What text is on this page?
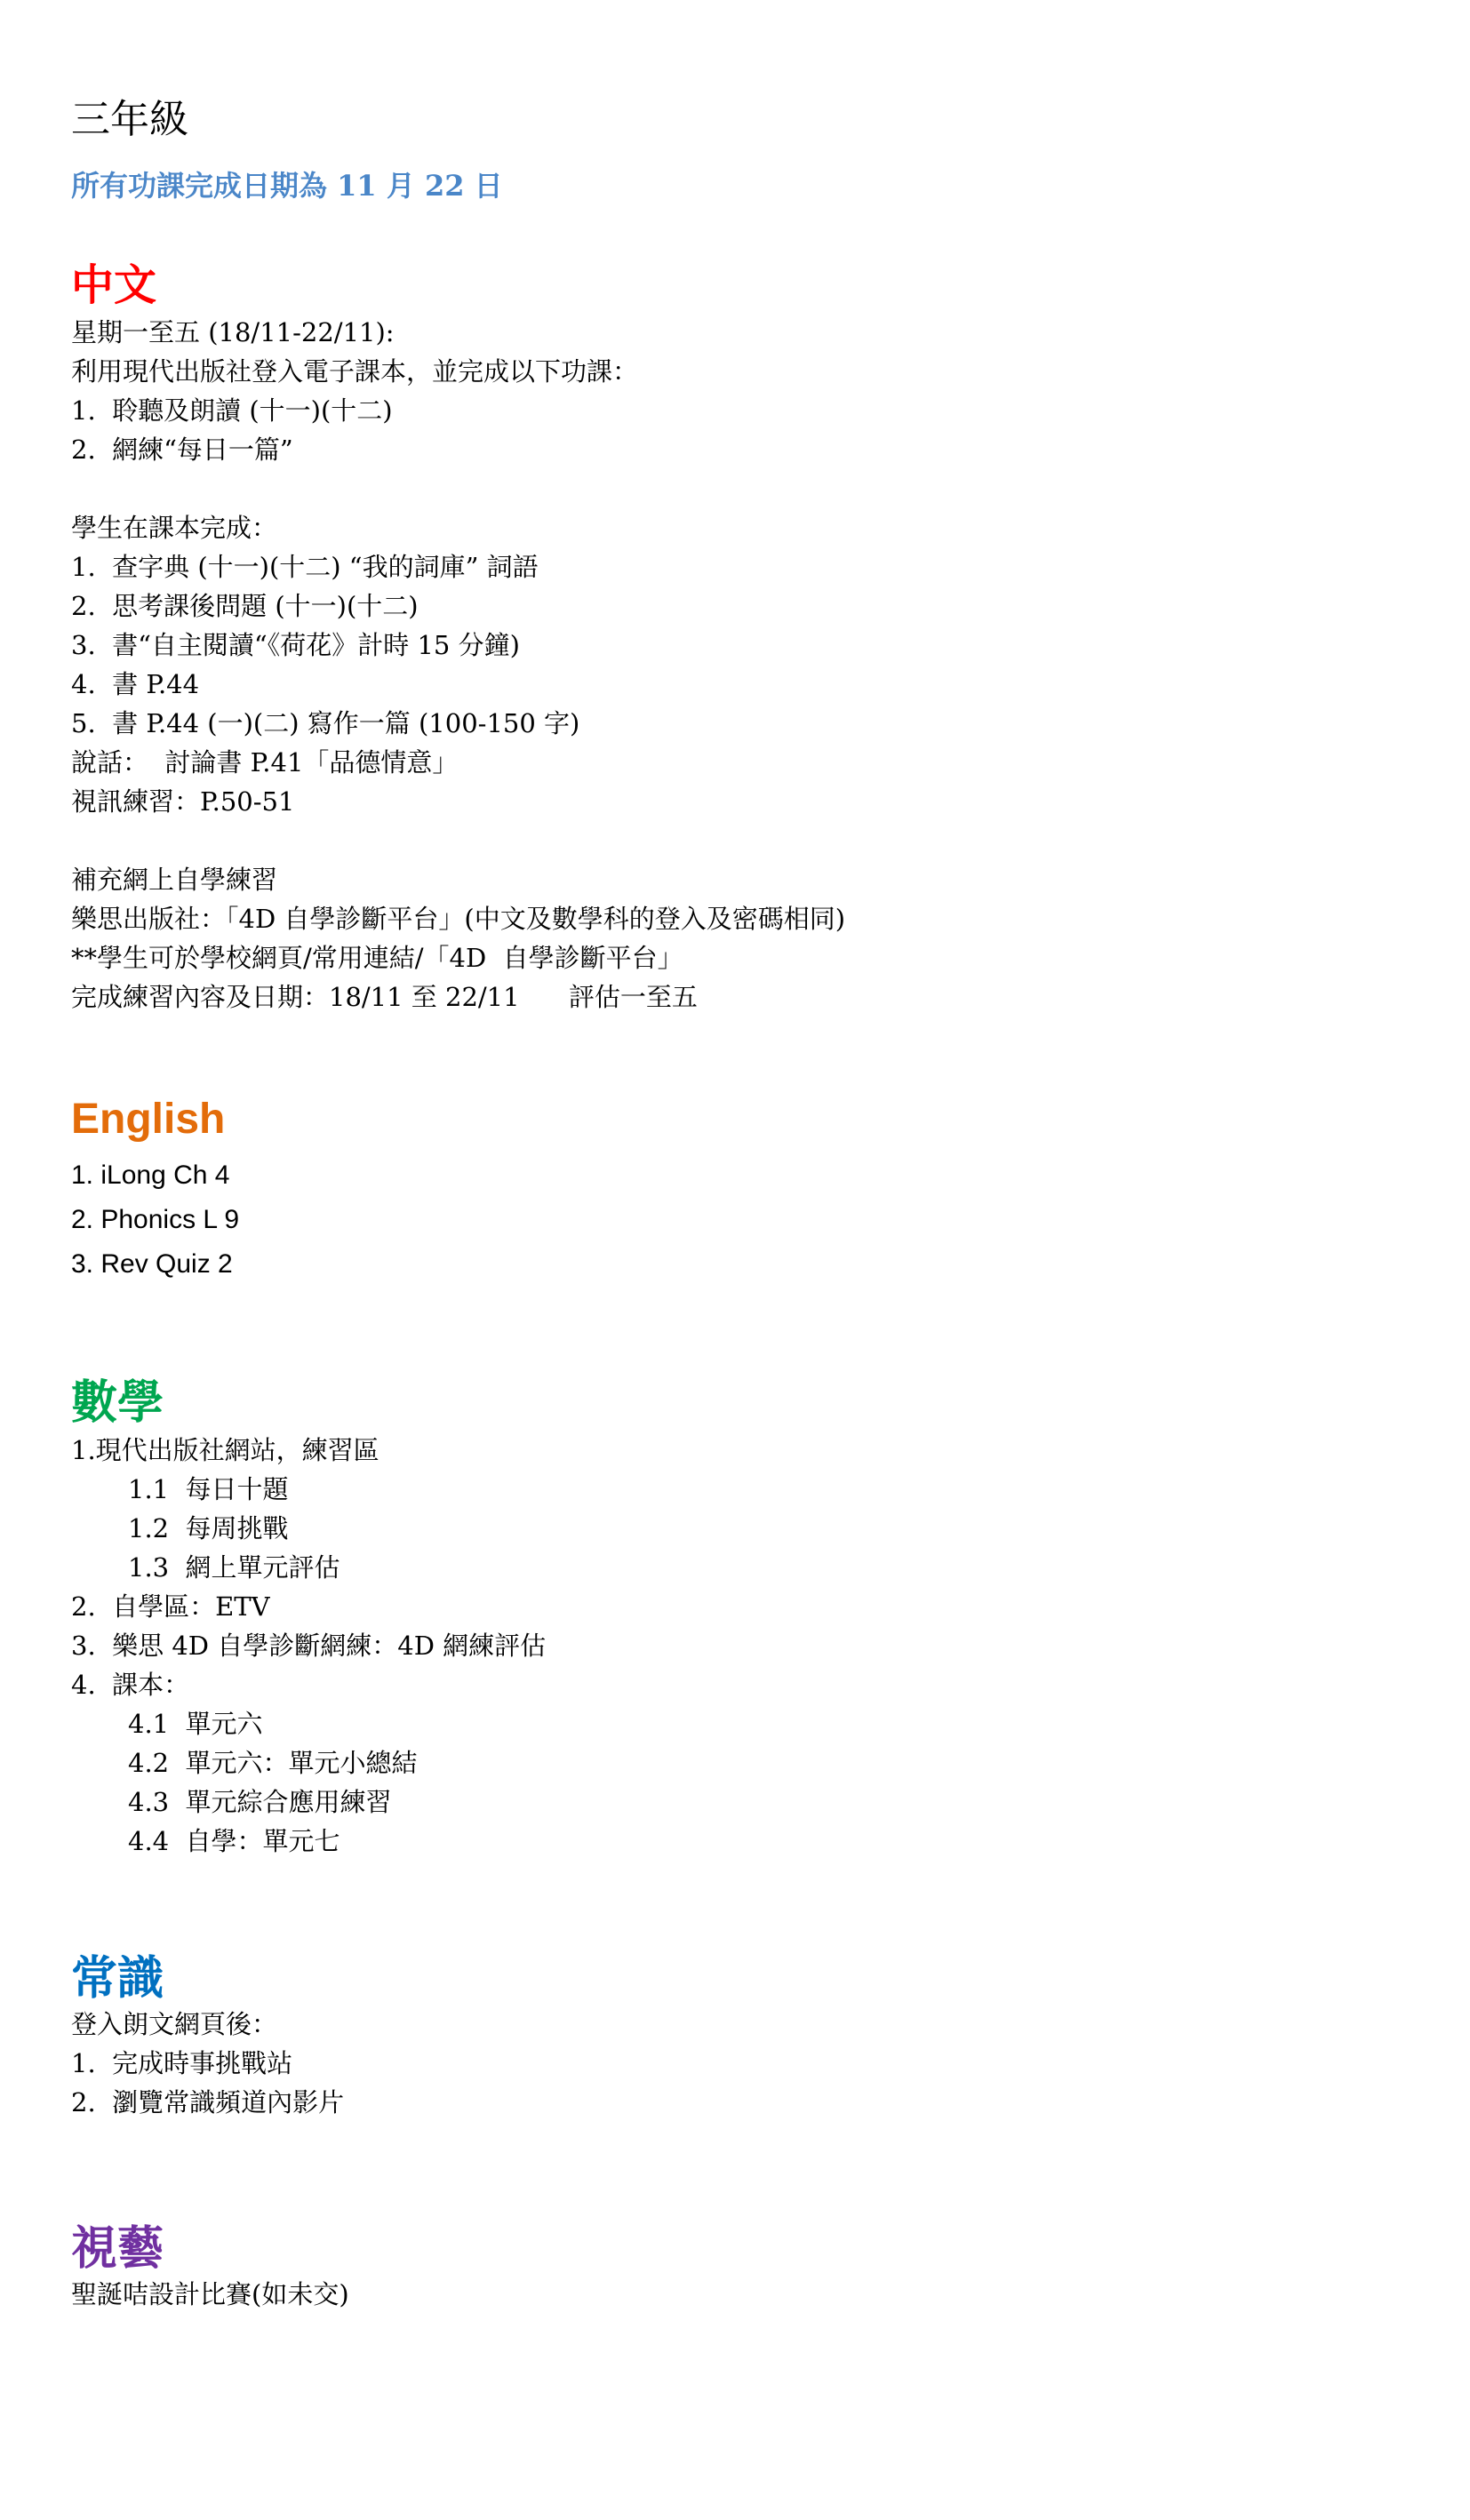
三年級
所有功課完成日期為 11 月 22 日
中文
星期一至五 (18/11-22/11):
利用現代出版社登入電子課本，並完成以下功課：
1.  聆聽及朗讀 (十一)(十二)
2.  網練“每日一篇”
學生在課本完成：
1.  查字典 (十一)(十二) “我的詞庫” 詞語
2.  思考課後問題 (十一)(十二)
3.  書“自主閱讀“《荷花》計時 15 分鐘)
4.  書 P.44
5.  書 P.44 (一)(二) 寫作一篇 (100-150 字)
說話：  討論書 P.41「品德情意」
視訊練習：P.50-51
補充網上自學練習
樂思出版社：「4D 自學診斷平台」(中文及數學科的登入及密碼相同)
**學生可於學校網頁/常用連結/「4D  自學診斷平台」
完成練習內容及日期：18/11 至 22/11      評估一至五
English
1. iLong Ch 4
2. Phonics L 9
3. Rev Quiz 2
數學
1.現代出版社網站，練習區
1.1  每日十題
1.2  每周挑戰
1.3  網上單元評估
2.  自學區：ETV
3.  樂思 4D 自學診斷網練：4D 網練評估
4.  課本：
4.1  單元六
4.2  單元六：單元小總結
4.3  單元綜合應用練習
4.4  自學：單元七
常識
登入朗文網頁後：
1.  完成時事挑戰站
2.  瀏覽常識頻道內影片
視藝
聖誕咭設計比賽(如未交)
